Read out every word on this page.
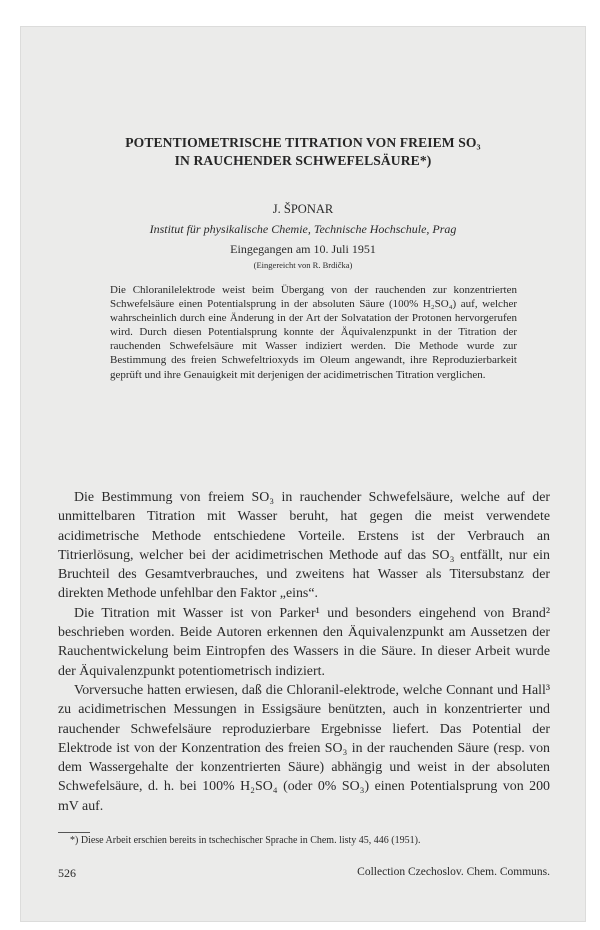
POTENTIOMETRISCHE TITRATION VON FREIEM SO₃
IN RAUCHENDER SCHWEFELSÄURE*)
J. ŠPONAR
Institut für physikalische Chemie, Technische Hochschule, Prag
Eingegangen am 10. Juli 1951
(Eingereicht von R. Brdička)
Die Chloranilelektrode weist beim Übergang von der rauchenden zur konzentrierten Schwefelsäure einen Potentialsprung in der absoluten Säure (100% H₂SO₄) auf, welcher wahrscheinlich durch eine Änderung in der Art der Solvatation der Protonen hervorgerufen wird. Durch diesen Potentialsprung konnte der Äquivalenzpunkt in der Titration der rauchenden Schwefelsäure mit Wasser indiziert werden. Die Methode wurde zur Bestimmung des freien Schwefeltrioxyds im Oleum angewandt, ihre Reproduzierbarkeit geprüft und ihre Genauigkeit mit derjenigen der acidimetrischen Titration verglichen.

Die Bestimmung von freiem SO₃ in rauchender Schwefelsäure, welche auf der unmittelbaren Titration mit Wasser beruht, hat gegen die meist verwendete acidimetrische Methode entschiedene Vorteile. Erstens ist der Verbrauch an Titrierlösung, welcher bei der acidimetrischen Methode auf das SO₃ entfällt, nur ein Bruchteil des Gesamtverbrauches, und zweitens hat Wasser als Titersubstanz der direkten Methode unfehlbar den Faktor „eins“.

Die Titration mit Wasser ist von Parker¹ und besonders eingehend von Brand² beschrieben worden. Beide Autoren erkennen den Äquivalenzpunkt am Aussetzen der Rauchentwickelung beim Eintropfen des Wassers in die Säure. In dieser Arbeit wurde der Äquivalenzpunkt potentiometrisch indiziert.

Vorversuche hatten erwiesen, daß die Chloranil-elektrode, welche Connant und Hall³ zu acidimetrischen Messungen in Essigsäure benützten, auch in konzentrierter und rauchender Schwefelsäure reproduzierbare Ergebnisse liefert. Das Potential der Elektrode ist von der Konzentration des freien SO₃ in der rauchenden Säure (resp. von dem Wassergehalte der konzentrierten Säure) abhängig und weist in der absoluten Schwefelsäure, d. h. bei 100% H₂SO₄ (oder 0% SO₃) einen Potentialsprung von 200 mV auf.

*) Diese Arbeit erschien bereits in tschechischer Sprache in Chem. listy 45, 446 (1951).
526	Collection Czechoslov. Chem. Communs.
